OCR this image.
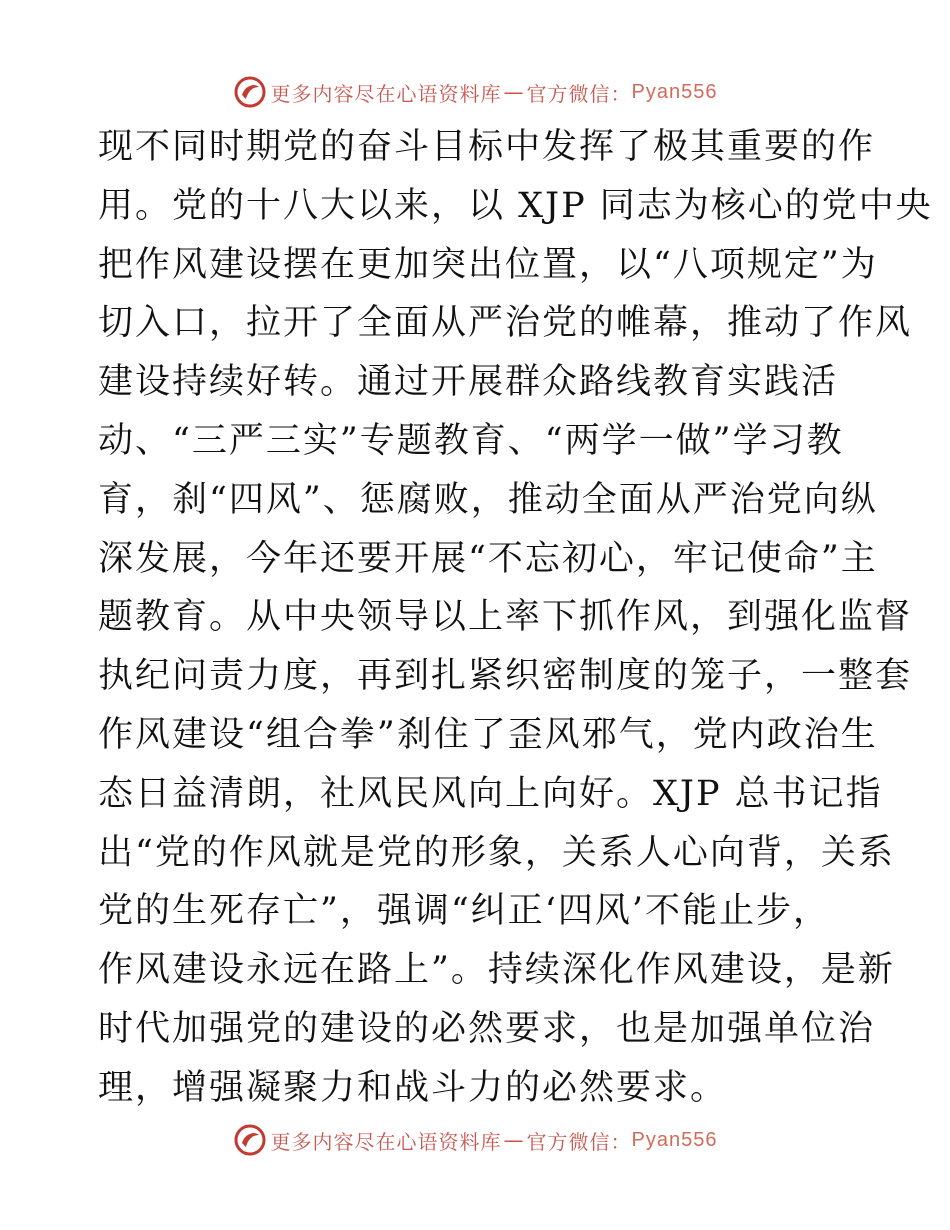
更多内容尽在心语资料库 — 官方微信： Pyan556
现不同时期党的奋斗目标中发挥了极其重要的作
用。党的十八大以来，以 XJP 同志为核心的党中央
把作风建设摆在更加突出位置，以“八项规定”为
切入口，拉开了全面从严治党的帷幕，推动了作风
建设持续好转。通过开展群众路线教育实践活
动、“三严三实”专题教育、“两学一做”学习教
育，刹“四风”、惩腐败，推动全面从严治党向纵
深发展，今年还要开展“不忘初心，牢记使命”主
题教育。从中央领导以上率下抓作风，到强化监督
执纪问责力度，再到扎紧织密制度的笼子，一整套
作风建设“组合拳”刹住了歪风邪气，党内政治生
态日益清朗，社风民风向上向好。XJP 总书记指
出“党的作风就是党的形象，关系人心向背，关系
党的生死存亡”，强调“纠正‘四风’不能止步，
作风建设永远在路上”。持续深化作风建设，是新
时代加强党的建设的必然要求，也是加强单位治
理，增强凝聚力和战斗力的必然要求。
更多内容尽在心语资料库 — 官方微信： Pyan556
